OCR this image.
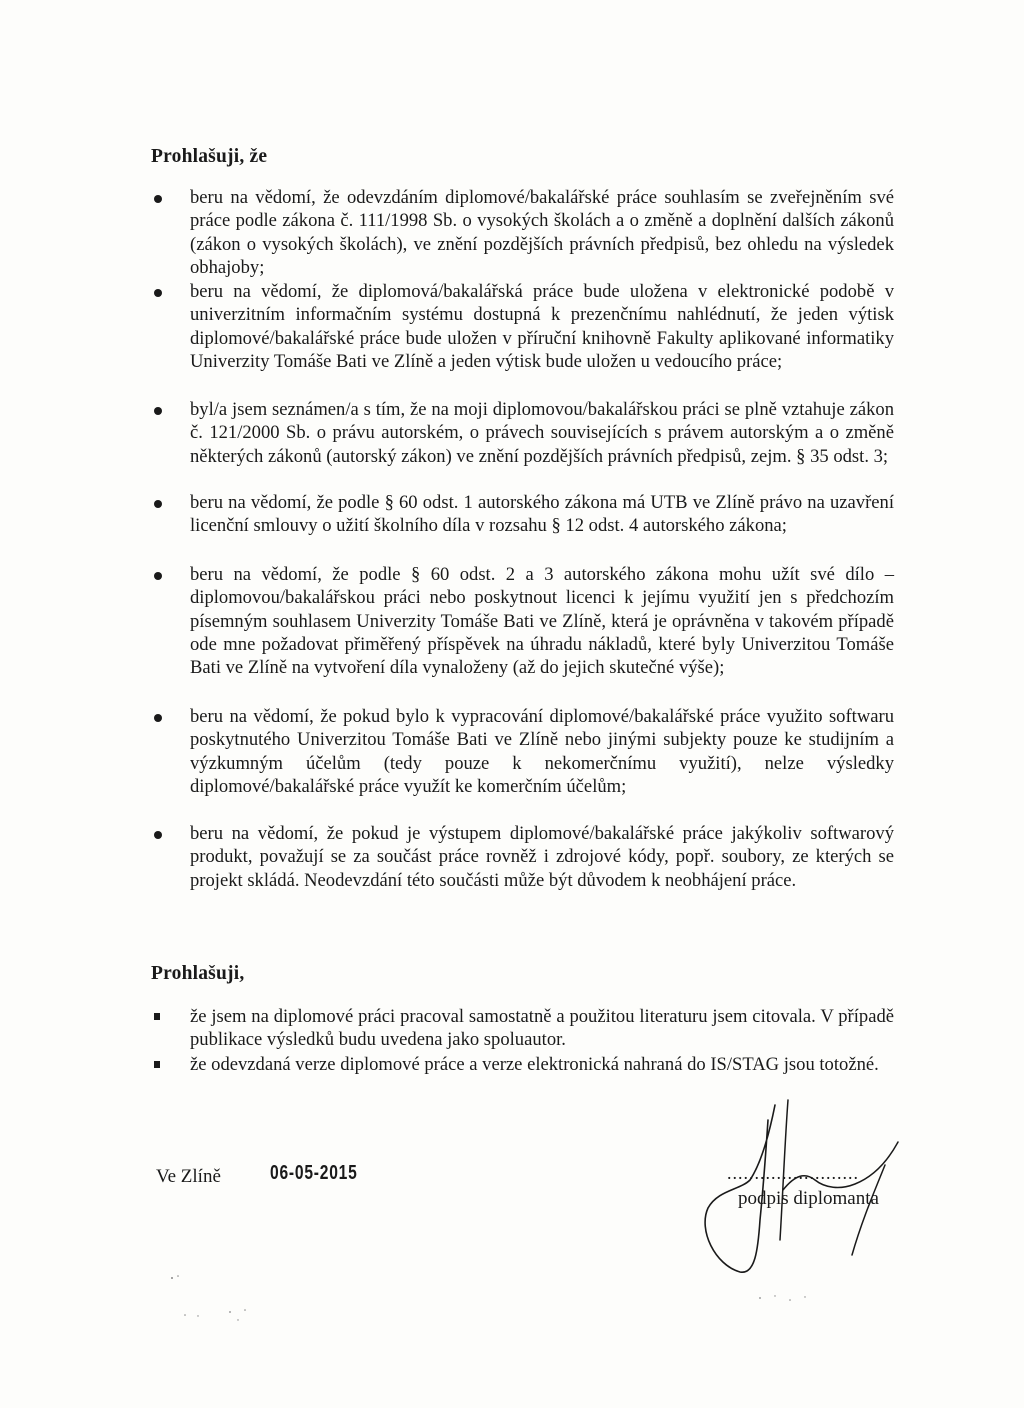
Prohlašuji, že
beru na vědomí, že odevzdáním diplomové/bakalářské práce souhlasím se zveřejněním své práce podle zákona č. 111/1998 Sb. o vysokých školách a o změně a doplnění dalších zákonů (zákon o vysokých školách), ve znění pozdějších právních předpisů, bez ohledu na výsledek obhajoby;
beru na vědomí, že diplomová/bakalářská práce bude uložena v elektronické podobě v univerzitním informačním systému dostupná k prezenčnímu nahlédnutí, že jeden výtisk diplomové/bakalářské práce bude uložen v příruční knihovně Fakulty aplikované informatiky Univerzity Tomáše Bati ve Zlíně a jeden výtisk bude uložen u vedoucího práce;
byl/a jsem seznámen/a s tím, že na moji diplomovou/bakalářskou práci se plně vztahuje zákon č. 121/2000 Sb. o právu autorském, o právech souvisejících s právem autorským a o změně některých zákonů (autorský zákon) ve znění pozdějších právních předpisů, zejm. § 35 odst. 3;
beru na vědomí, že podle § 60 odst. 1 autorského zákona má UTB ve Zlíně právo na uzavření licenční smlouvy o užití školního díla v rozsahu § 12 odst. 4 autorského zákona;
beru na vědomí, že podle § 60 odst. 2 a 3 autorského zákona mohu užít své dílo – diplomovou/bakalářskou práci nebo poskytnout licenci k jejímu využití jen s předchozím písemným souhlasem Univerzity Tomáše Bati ve Zlíně, která je oprávněna v takovém případě ode mne požadovat přiměřený příspěvek na úhradu nákladů, které byly Univerzitou Tomáše Bati ve Zlíně na vytvoření díla vynaloženy (až do jejich skutečné výše);
beru na vědomí, že pokud bylo k vypracování diplomové/bakalářské práce využito softwaru poskytnutého Univerzitou Tomáše Bati ve Zlíně nebo jinými subjekty pouze ke studijním a výzkumným účelům (tedy pouze k nekomerčnímu využití), nelze výsledky diplomové/bakalářské práce využít ke komerčním účelům;
beru na vědomí, že pokud je výstupem diplomové/bakalářské práce jakýkoliv softwarový produkt, považují se za součást práce rovněž i zdrojové kódy, popř. soubory, ze kterých se projekt skládá. Neodevzdání této součásti může být důvodem k neobhájení práce.
Prohlašuji,
že jsem na diplomové práci pracoval samostatně a použitou literaturu jsem citovala. V případě publikace výsledků budu uvedena jako spoluautor.
že odevzdaná verze diplomové práce a verze elektronická nahraná do IS/STAG jsou totožné.
Ve Zlíně 06-05-2015	........................
podpis diplomanta
